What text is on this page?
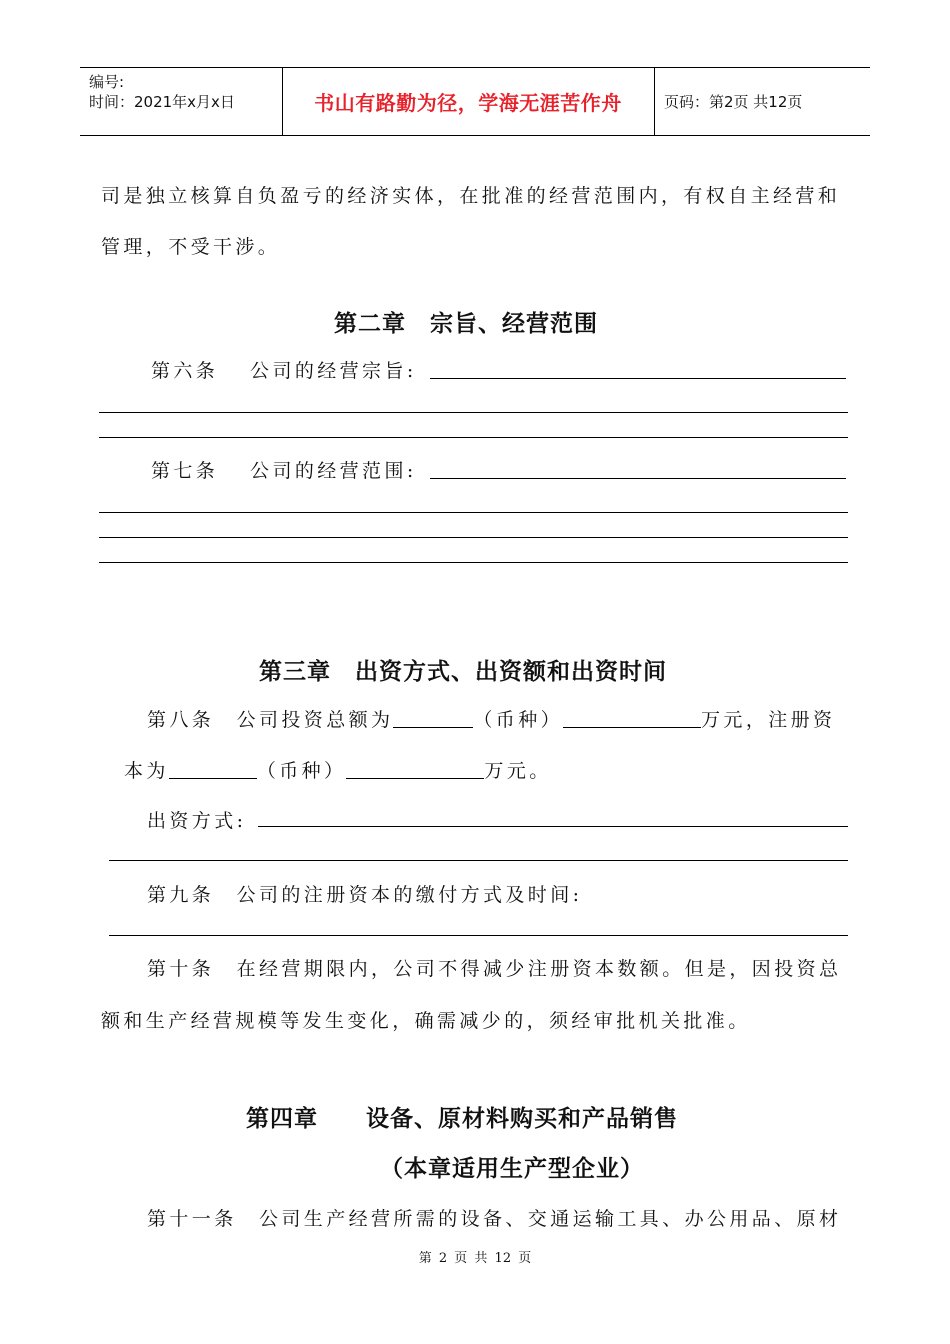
编号:
时间：2021年x月x日	书山有路勤为径，学海无涯苦作舟	页码：第2页 共12页
司是独立核算自负盈亏的经济实体，在批准的经营范围内，有权自主经营和
管理，不受干涉。
第二章　宗旨、经营范围
第六条　 公司的经营宗旨:
第七条　 公司的经营范围:
第三章　出资方式、出资额和出资时间
第八条　公司投资总额为	（币种）	万元，注册资
本为	（币种）	万元。
出资方式:
第九条　公司的注册资本的缴付方式及时间:
第十条　在经营期限内，公司不得减少注册资本数额。但是，因投资总
额和生产经营规模等发生变化，确需减少的，须经审批机关批准。
第四章　　设备、原材料购买和产品销售
（本章适用生产型企业）
第十一条　公司生产经营所需的设备、交通运输工具、办公用品、原材
第 2 页 共 12 页
